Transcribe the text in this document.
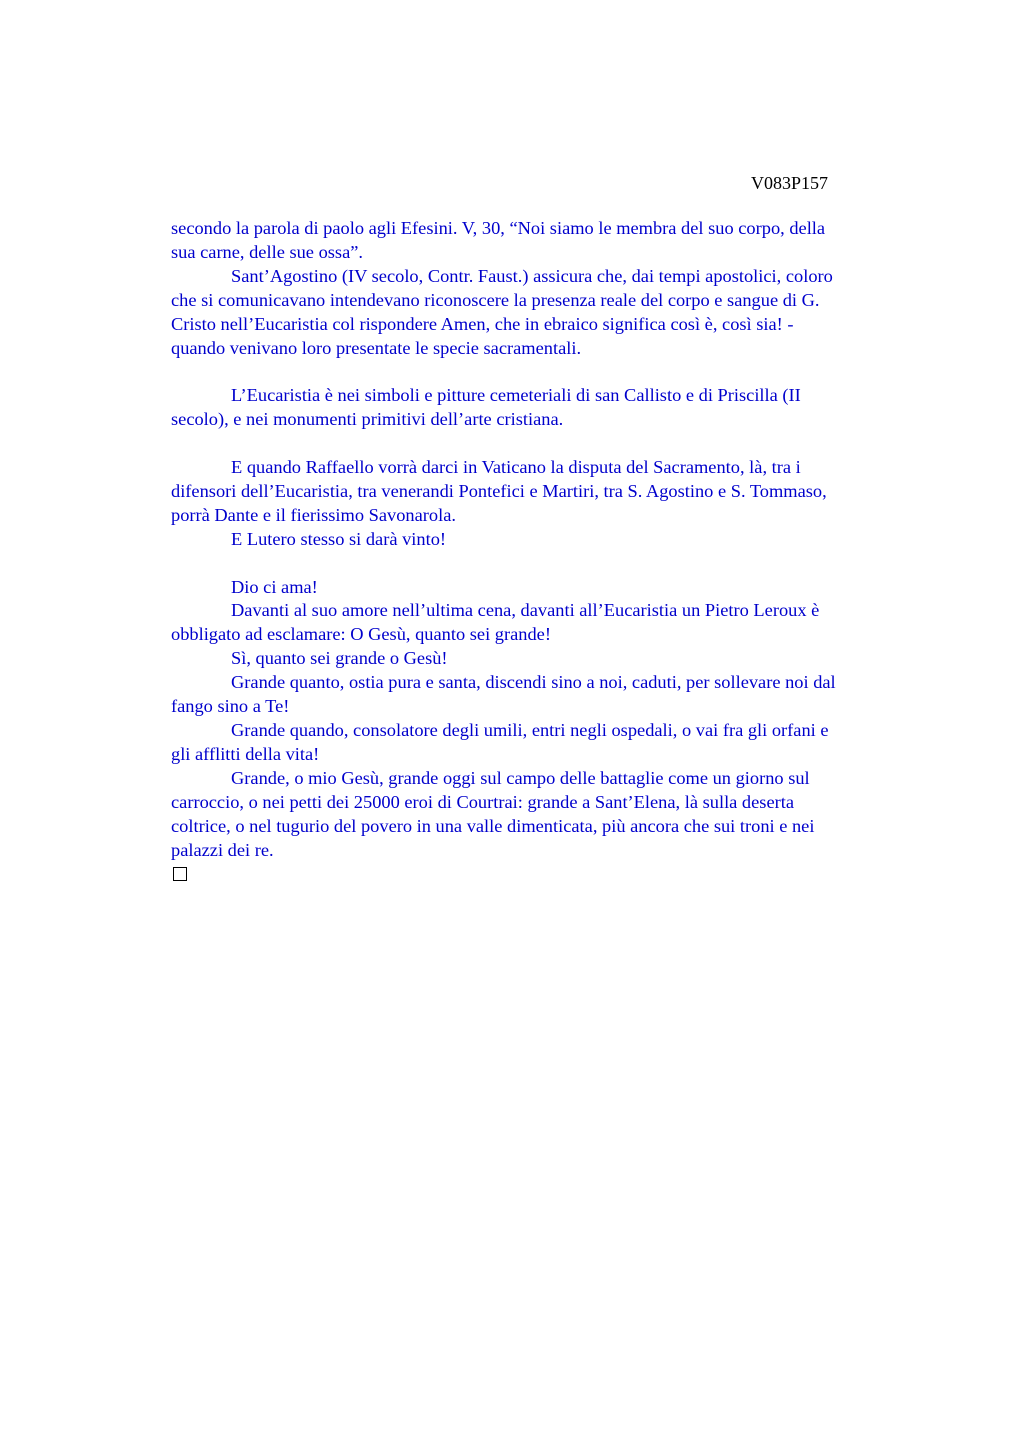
V083P157

secondo la parola di paolo agli Efesini. V, 30, “Noi siamo le membra del suo corpo, della

sua carne, delle sue ossa”.

Sant’Agostino (IV secolo, Contr. Faust.) assicura che, dai tempi apostolici, coloro

che si comunicavano intendevano riconoscere la presenza reale del corpo e sangue di G.

Cristo nell’Eucaristia col rispondere Amen, che in ebraico significa così è, così sia! -

quando venivano loro presentate le specie sacramentali.

L’Eucaristia è nei simboli e pitture cemeteriali di san Callisto e di Priscilla (II

secolo), e nei monumenti primitivi dell’arte cristiana.

E quando Raffaello vorrà darci in Vaticano la disputa del Sacramento, là, tra i

difensori dell’Eucaristia, tra venerandi Pontefici e Martiri, tra S. Agostino e S. Tommaso,

porrà Dante e il fierissimo Savonarola.

E Lutero stesso si darà vinto!

Dio ci ama!

Davanti al suo amore nell’ultima cena, davanti all’Eucaristia un Pietro Leroux è

obbligato ad esclamare: O Gesù, quanto sei grande!

Sì, quanto sei grande o Gesù!

Grande quanto, ostia pura e santa, discendi sino a noi, caduti, per sollevare noi dal

fango sino a Te!

Grande quando, consolatore degli umili, entri negli ospedali, o vai fra gli orfani e

gli afflitti della vita!

Grande, o mio Gesù, grande oggi sul campo delle battaglie come un giorno sul

carroccio, o nei petti dei 25000 eroi di Courtrai: grande a Sant’Elena, là sulla deserta

coltrice, o nel tugurio del povero in una valle dimenticata, più ancora che sui troni e nei

palazzi dei re.
